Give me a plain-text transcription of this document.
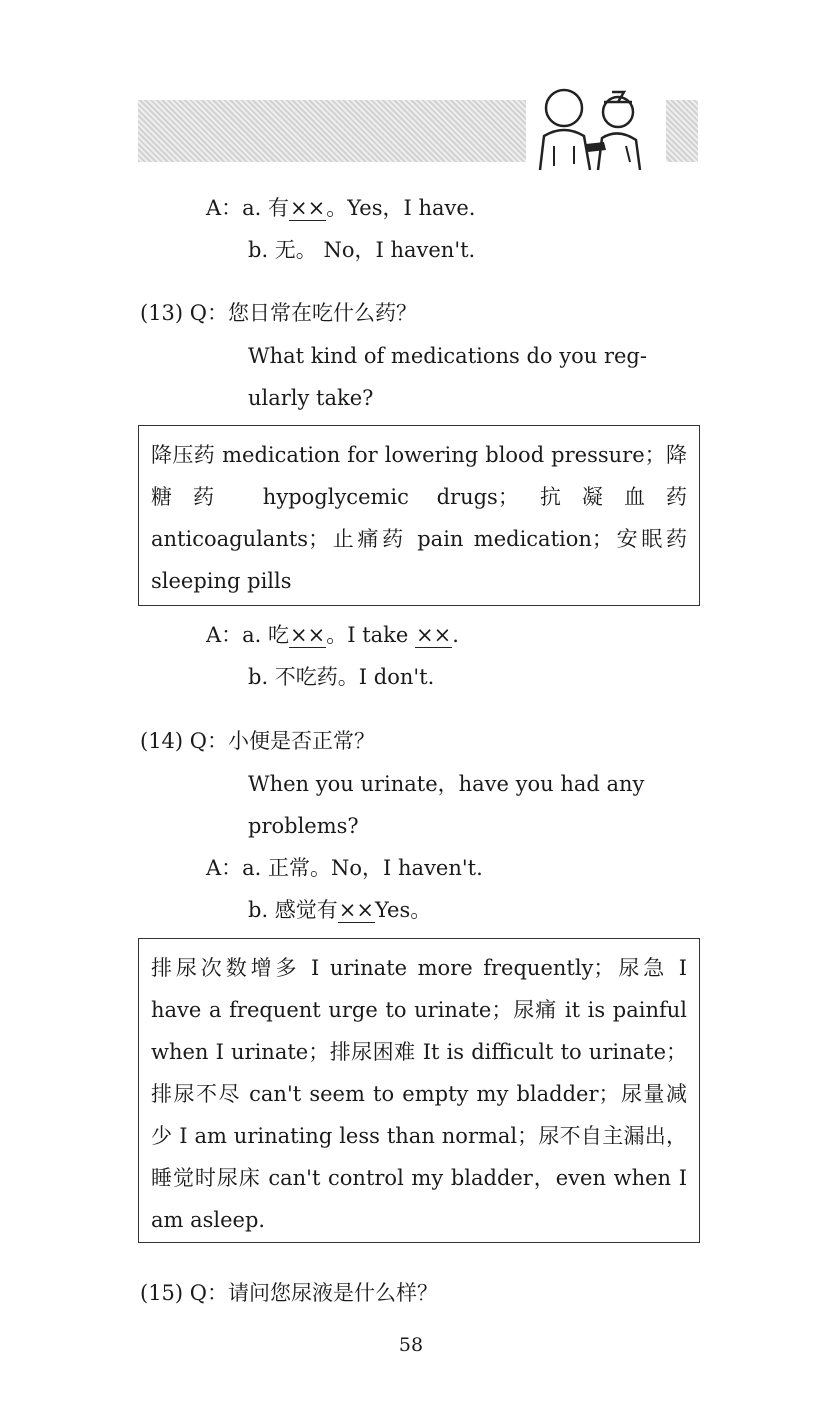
A：a. 有××。Yes，I have.
b. 无。 No，I haven't.
(13) Q：您日常在吃什么药？
What kind of medications do you reg-
ularly take?
降压药 medication for lowering blood pressure；降糖药 hypoglycemic drugs；抗凝血药 anticoagulants；止痛药 pain medication；安眠药 sleeping pills
A：a. 吃××。I take ××.
b. 不吃药。I don't.
(14) Q：小便是否正常？
When you urinate，have you had any
problems?
A：a. 正常。No，I haven't.
b. 感觉有××Yes。
排尿次数增多 I urinate more frequently；尿急 I have a frequent urge to urinate；尿痛 it is painful when I urinate；排尿困难 It is difficult to urinate；排尿不尽 can't seem to empty my bladder；尿量减少 I am urinating less than normal；尿不自主漏出，睡觉时尿床 can't control my bladder，even when I am asleep.
(15) Q：请问您尿液是什么样？
58
